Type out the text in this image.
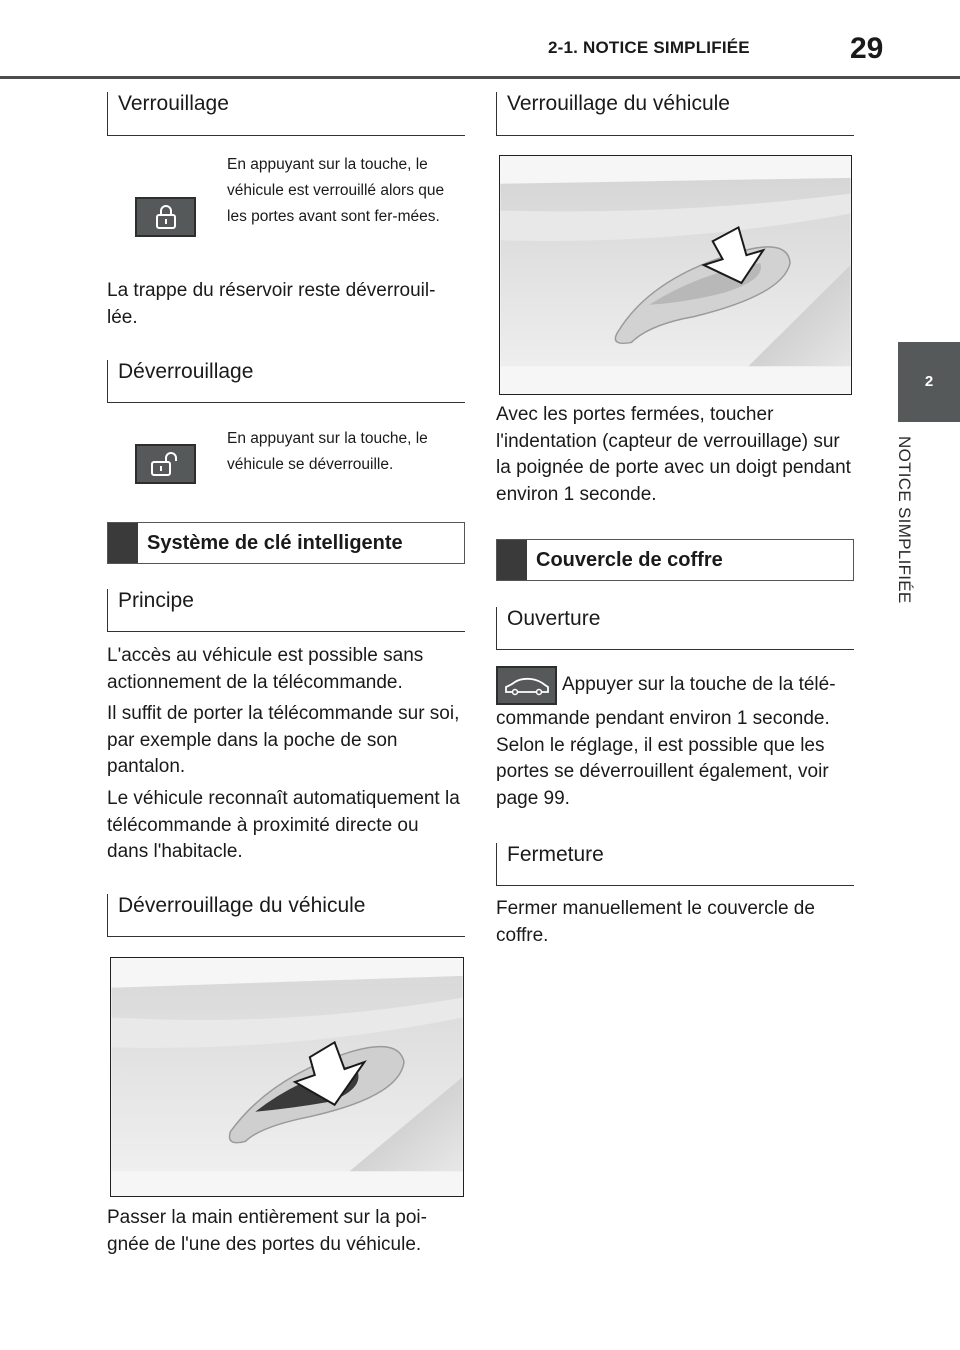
2-1. NOTICE SIMPLIFIÉE	29
2
NOTICE SIMPLIFIÉE
Verrouillage

En appuyant sur la touche, le véhicule est verrouillé alors que les portes avant sont fer-mées.

La trappe du réservoir reste déverrouil-lée.

Déverrouillage

En appuyant sur la touche, le véhicule se déverrouille.

Système de clé intelligente
Principe

L'accès au véhicule est possible sans actionnement de la télécommande.

Il suffit de porter la télécommande sur soi, par exemple dans la poche de son pantalon.

Le véhicule reconnaît automatiquement la télécommande à proximité directe ou dans l'habitacle.

Déverrouillage du véhicule

Passer la main entièrement sur la poi-gnée de l'une des portes du véhicule.

Verrouillage du véhicule

Avec les portes fermées, toucher l'indentation (capteur de verrouillage) sur la poignée de porte avec un doigt pendant environ 1 seconde.

Couvercle de coffre
Ouverture

Appuyer sur la touche de la télé-

commande pendant environ 1 seconde. Selon le réglage, il est possible que les portes se déverrouillent également, voir page 99.

Fermeture

Fermer manuellement le couvercle de coffre.
